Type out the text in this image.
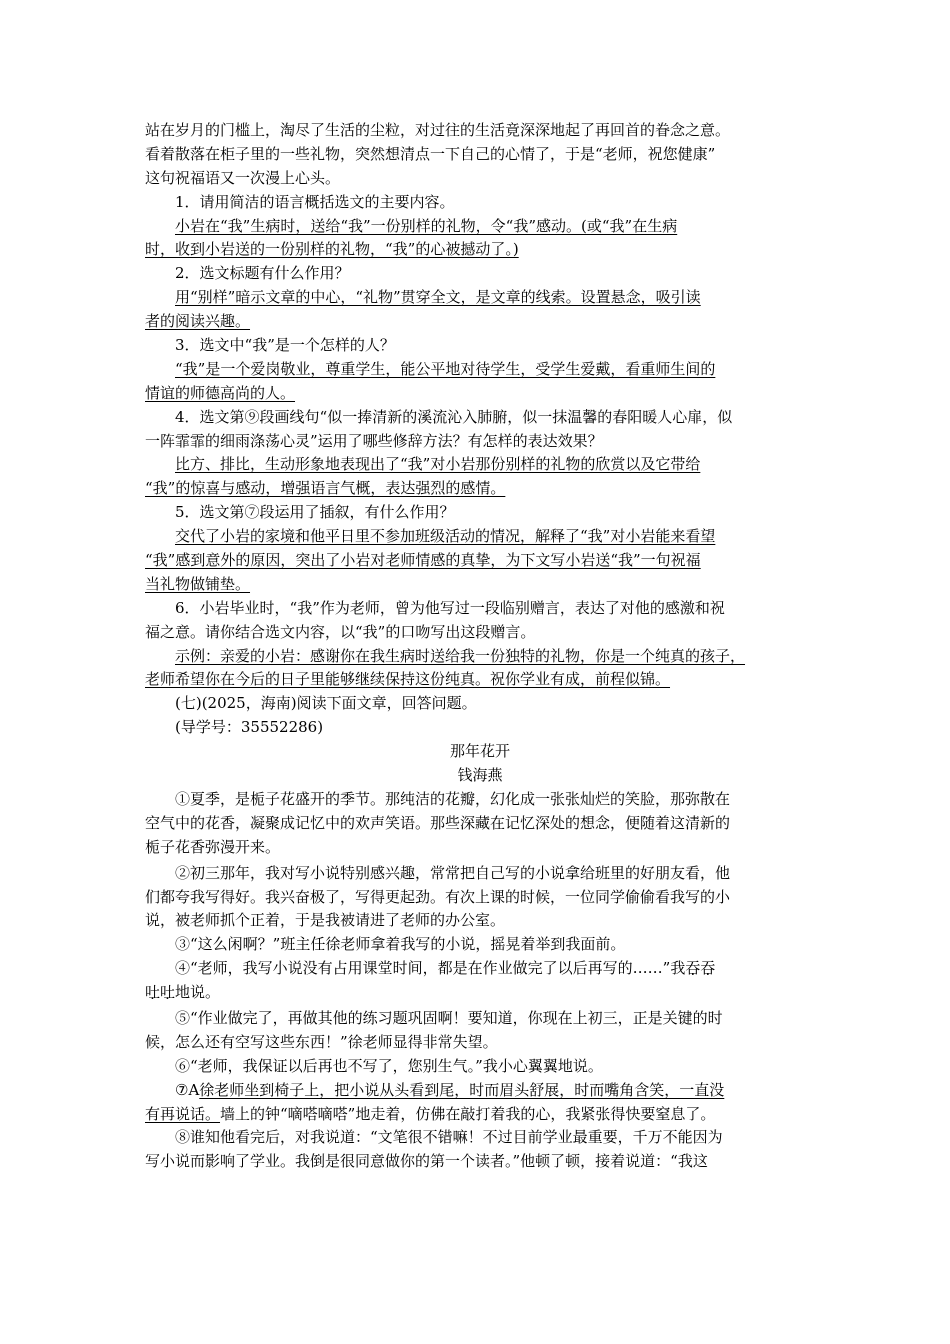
站在岁月的门槛上，淘尽了生活的尘粒，对过往的生活竟深深地起了再回首的眷念之意。
看着散落在柜子里的一些礼物，突然想清点一下自己的心情了，于是“老师，祝您健康”
这句祝福语又一次漫上心头。
1．请用简洁的语言概括选文的主要内容。
小岩在“我”生病时，送给“我”一份别样的礼物，令“我”感动。(或“我”在生病
时，收到小岩送的一份别样的礼物，“我”的心被撼动了。)
2．选文标题有什么作用？
用“别样”暗示文章的中心，“礼物”贯穿全文，是文章的线索。设置悬念，吸引读
者的阅读兴趣。
3．选文中“我”是一个怎样的人？
“我”是一个爱岗敬业，尊重学生，能公平地对待学生，受学生爱戴，看重师生间的
情谊的师德高尚的人。
4．选文第⑨段画线句“似一捧清新的溪流沁入肺腑，似一抹温馨的春阳暖人心扉，似
一阵霏霏的细雨涤荡心灵”运用了哪些修辞方法？有怎样的表达效果？
比方、排比，生动形象地表现出了“我”对小岩那份别样的礼物的欣赏以及它带给
“我”的惊喜与感动，增强语言气概，表达强烈的感情。
5．选文第⑦段运用了插叙，有什么作用？
交代了小岩的家境和他平日里不参加班级活动的情况，解释了“我”对小岩能来看望
“我”感到意外的原因，突出了小岩对老师情感的真挚，为下文写小岩送“我”一句祝福
当礼物做铺垫。
6．小岩毕业时，“我”作为老师，曾为他写过一段临别赠言，表达了对他的感激和祝
福之意。请你结合选文内容，以“我”的口吻写出这段赠言。
示例：亲爱的小岩：感谢你在我生病时送给我一份独特的礼物，你是一个纯真的孩子，
老师希望你在今后的日子里能够继续保持这份纯真。祝你学业有成，前程似锦。
(七)(2025，海南)阅读下面文章，回答问题。
(导学号：35552286)
那年花开
钱海燕
①夏季，是栀子花盛开的季节。那纯洁的花瓣，幻化成一张张灿烂的笑脸，那弥散在
空气中的花香，凝聚成记忆中的欢声笑语。那些深藏在记忆深处的想念，便随着这清新的
栀子花香弥漫开来。
②初三那年，我对写小说特别感兴趣，常常把自己写的小说拿给班里的好朋友看，他
们都夸我写得好。我兴奋极了，写得更起劲。有次上课的时候，一位同学偷偷看我写的小
说，被老师抓个正着，于是我被请进了老师的办公室。
③“这么闲啊？”班主任徐老师拿着我写的小说，摇晃着举到我面前。
④“老师，我写小说没有占用课堂时间，都是在作业做完了以后再写的……”我吞吞
吐吐地说。
⑤“作业做完了，再做其他的练习题巩固啊！要知道，你现在上初三，正是关键的时
候，怎么还有空写这些东西！”徐老师显得非常失望。
⑥“老师，我保证以后再也不写了，您别生气。”我小心翼翼地说。
⑦A徐老师坐到椅子上，把小说从头看到尾，时而眉头舒展，时而嘴角含笑，一直没
有再说话。墙上的钟“嘀嗒嘀嗒”地走着，仿佛在敲打着我的心，我紧张得快要窒息了。
⑧谁知他看完后，对我说道：“文笔很不错嘛！不过目前学业最重要，千万不能因为
写小说而影响了学业。我倒是很同意做你的第一个读者。”他顿了顿，接着说道：“我这
